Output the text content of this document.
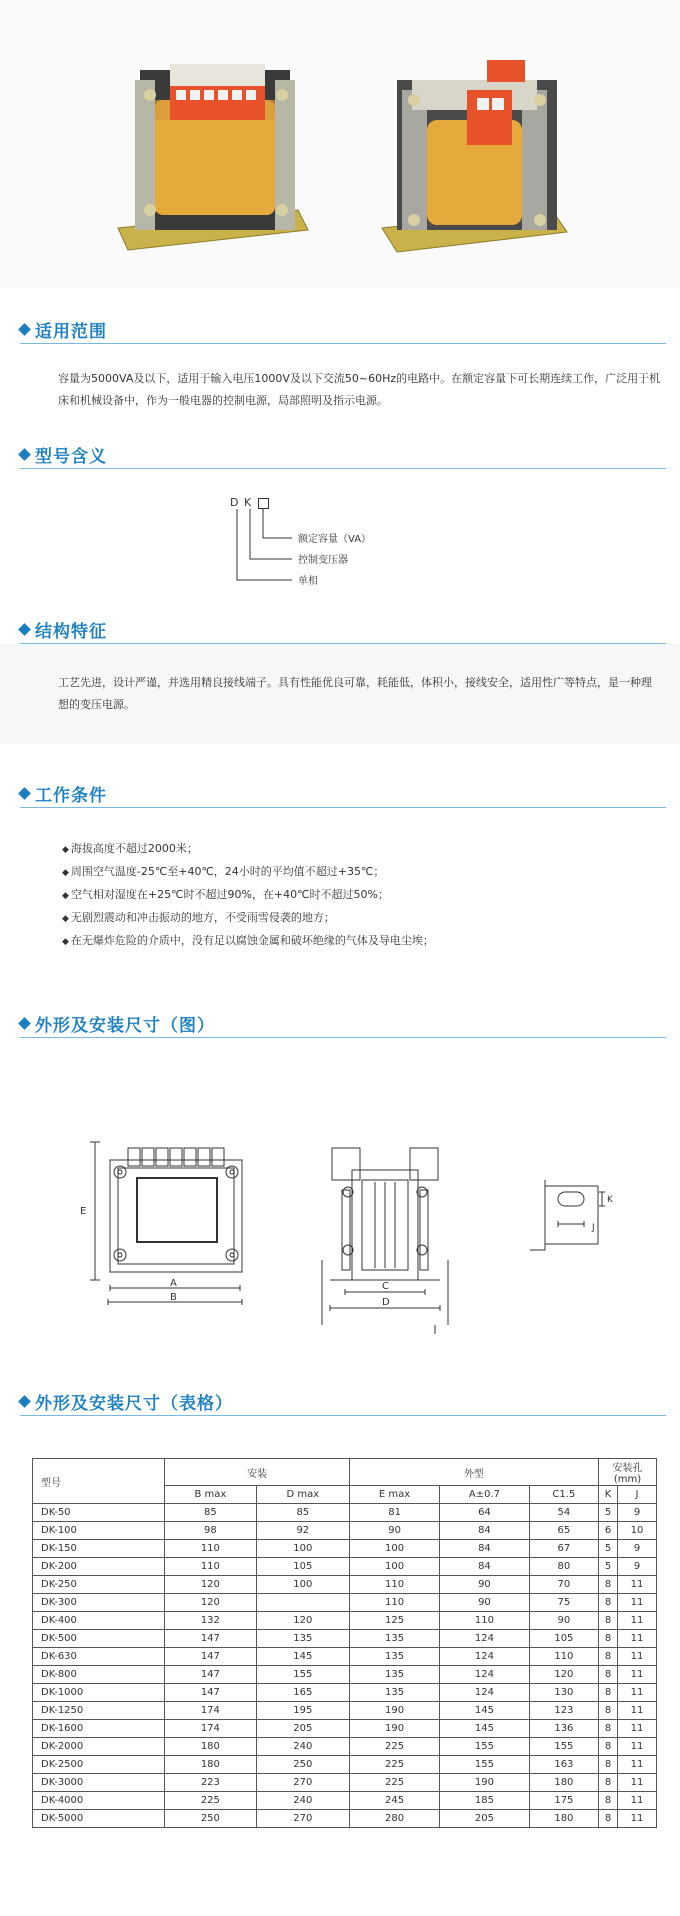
适用范围
容量为5000VA及以下，适用于输入电压1000V及以下交流50~60Hz的电路中。在额定容量下可长期连续工作，广泛用于机床和机械设备中，作为一般电器的控制电源，局部照明及指示电源。
型号含义
D K
额定容量（VA）
控制变压器
单相
结构特征
工艺先进，设计严谨，并选用精良接线端子。具有性能优良可靠，耗能低，体积小，接线安全，适用性广等特点，是一种理想的变压电源。
工作条件
◆ 海拔高度不超过2000米；
◆ 周围空气温度-25℃至+40℃，24小时的平均值不超过+35℃；
◆ 空气相对湿度在+25℃时不超过90%，在+40℃时不超过50%；
◆ 无剧烈震动和冲击振动的地方，不受雨雪侵袭的地方；
◆ 在无爆炸危险的介质中，没有足以腐蚀金属和破坏绝缘的气体及导电尘埃；
外形及安装尺寸（图）
E
A
B
C
D
K
J
外形及安装尺寸（表格）
型号	安装		外型			安装孔(mm)	
	B max	D max	E max	A±0.7	C1.5	K	J
DK-50	85	85	81	64	54	5	9
DK-100	98	92	90	84	65	6	10
DK-150	110	100	100	84	67	5	9
DK-200	110	105	100	84	80	5	9
DK-250	120	100	110	90	70	8	11
DK-300	120		110	90	75	8	11
DK-400	132	120	125	110	90	8	11
DK-500	147	135	135	124	105	8	11
DK-630	147	145	135	124	110	8	11
DK-800	147	155	135	124	120	8	11
DK-1000	147	165	135	124	130	8	11
DK-1250	174	195	190	145	123	8	11
DK-1600	174	205	190	145	136	8	11
DK-2000	180	240	225	155	155	8	11
DK-2500	180	250	225	155	163	8	11
DK-3000	223	270	225	190	180	8	11
DK-4000	225	240	245	185	175	8	11
DK-5000	250	270	280	205	180	8	11
